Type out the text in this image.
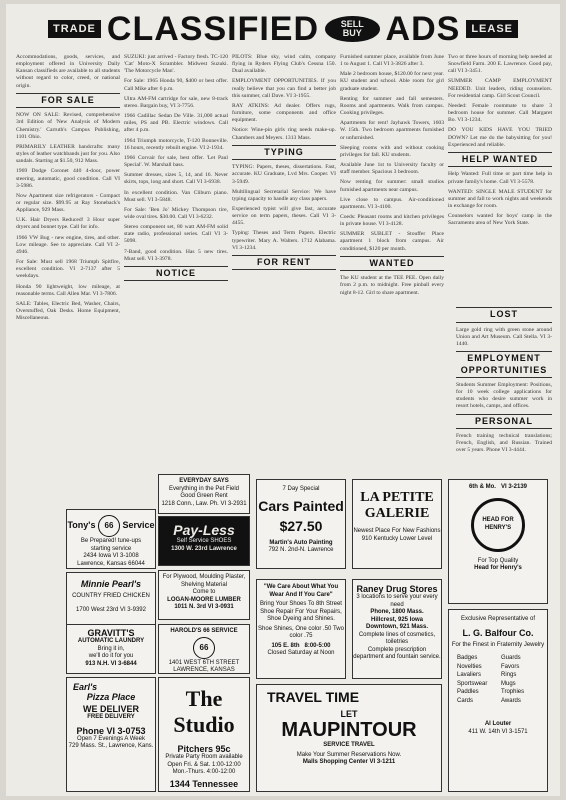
TRADE CLASSIFIED	SELL BUY ADS	LEASE

Accommodations, goods, services, and employment offered in University Daily Kansan classifieds are available to all students without regard to color, creed, or national origin.

FOR SALE

NOW ON SALE: Revised, comprehensive 3rd Edition of 'New Analysis of Modern Chemistry.' Carruth's Campus Publishing, 1101 Ohio.

PRIMARILY LEATHER handcrafts: many styles of leather watchbands just for you. Also sandals. Starting at $1.50, 912 Mass.

1969 Dodge Coronet 440 4-door, power steering, automatic, good condition. Call VI 3-5986.

Now Apartment size refrigerators - Compact or regular size. $99.95 at Ray Stoneback's Appliance, 929 Mass.

U.K. Hair Dryers Reduced! 3 Hour super dryers and bonnet type. Call for info.

1966 VW Bug - new engine, tires, and other. Low mileage. See to appreciate. Call VI 2-4946.

For Sale: Must sell 1968 Triumph Spitfire, excellent condition. VI 2-7137 after 5 weekdays.

Honda 90 lightweight, low mileage, at reasonable terms. Call Allen Mar. VI 3-7806.

SALE: Tables, Electric Bed, Washer, Chairs, Overstuffed, Oak Desks. Home Equipment, Miscellaneous.

SUZUKI: just arrived - Factory fresh. TC-120 'Cat' Moto-X Scrambler. Midwest Suzuki. 'The Motorcycle Man'.

For Sale: 1965 Honda 90, $400 or best offer. Call Mike after 6 p.m.

Ultra AM-FM cartridge for sale, new 8-track stereo. Bargain buy, VI 3-7756.

1966 Cadillac Sedan De Ville. 31,000 actual miles, PS and PB. Electric windows. Call after 4 p.m.

1964 Triumph motorcycle, T-120 Bonneville. 16 hours, recently rebuilt engine. VI 2-1934.

1966 Corvair for sale, best offer. 'Let Paul Special'. W. Marshall bass.

Summer dresses, sizes 5, 14, and 16. Never skirts, tops, long and short. Call VI 3-6938.

In excellent condition. Van Cliburn piano. Must sell. VI 3-5848.

For Sale: 'Ben Jo' Mickey Thompson tire, wide oval tires. $30.00. Call VI 3-6232.

Stereo component set, 80 watt AM-FM solid state radio, professional series. Call VI 3-5098.

7-Band, good condition. Has 5 new tires. Must sell. VI 3-3978.

NOTICE

PILOTS: Blue sky, wind calm, company flying in Ryders Flying Club's Cessna 150. Dual available.

EMPLOYMENT OPPORTUNITIES. If you really believe that you can find a better job this summer, call Dave. VI 3-1955.

RAY ATKINS: Ad dealer. Offers rugs, furniture, some components and office equipment.

Notice: Wine-pin girls ring needs make-up. Chambers and Meyers. 1313 Mass.

TYPING

TYPING: Papers, theses, dissertations. Fast, accurate. KU Graduate, Lvd Mrs. Cooper. VI 3-5949.

Multilingual Secretarial Service: We have typing capacity to handle any class papers.

Experienced typist will give fast, accurate service on term papers, theses. Call VI 3-4455.

Typing: Theses and Term Papers. Electric typewriter. Mary A. Walters. 1712 Alabama. VI 3-1234.

FOR RENT

Furnished summer place, available from June 1 to August 1. Call VI 3-3826 after 3.

Male 2 bedroom house, $120.00 for next year. KU student and school. Able room for girl graduate student.

Renting for summer and fall semesters. Rooms and apartments. Walk from campus. Cooking privileges.

Apartments for rent! Jayhawk Towers, 1603 W. 15th. Two bedroom apartments furnished or unfurnished.

Sleeping rooms with and without cooking privileges for fall. KU students.

Available June 1st to University faculty or staff member. Spacious 3 bedroom.

Now renting for summer: small studios furnished apartments near campus.

Live close to campus. Air-conditioned apartments. VI 3-4100.

Coeds: Pleasant rooms and kitchen privileges in private house. VI 3-4128.

SUMMER SUBLET - Stouffer Place apartment 1 block from campus. Air conditioned, $120 per month.

WANTED

The KU student at the TEE PEE. Open daily from 2 p.m. to midnight. Free pinball every night 8-12. Girl to share apartment.

Two or three hours of morning help needed at Snowfield Farm. 200 E. Lawrence. Good pay, call VI 3-3451.

SUMMER CAMP EMPLOYMENT NEEDED. Unit leaders, riding counselors. For residential camp. Girl Scout Council.

Needed: Female roommate to share 3 bedroom house for summer. Call Margaret Bo. VI 3-1234.

DO YOU KIDS HAVE YOU TRIED DOWN? Let me do the babysitting for you! Experienced and reliable.

HELP WANTED

Help Wanted: Full time or part time help in private family's home. Call VI 3-5578.

WANTED: SINGLE MALE STUDENT for summer and fall to work nights and weekends in exchange for room.

Counselors wanted for boys' camp in the Sacramento area of New York State.

LOST

Large gold ring with green stone around Union and Art Museum. Call Stella. VI 3-1440.

EMPLOYMENT OPPORTUNITIES

Students Summer Employment: Positions, for 10 week college applications for students who desire summer work in resort hotels, camps, and offices.

PERSONAL

French training technical translations; French, English, and Russian. Trained over 5 years. Phone VI 3-4444.

Tony's 66 Service
Be Prepared! tune-ups
starting service
2434 Iowa VI 3-1008
Lawrence, Kansas 66044
Minnie Pearl's
COUNTRY FRIED CHICKEN
1700 West 23rd VI 3-9392
GRAVITT'S
AUTOMATIC LAUNDRY
Bring it in,
we'll do it for you
913 N.H. VI 3-6844
Earl's
Pizza Place
WE DELIVER
FREE DELIVERY
Phone VI 3-0753
Open 7 Evenings A Week
729 Mass. St., Lawrence, Kans.
EVERYDAY SAYS
Everything in the Pet Field
Good Green Rent
1218 Conn., Law. Ph. VI 3-2931
Pay-Less
Self Service SHOES
1300 W. 23rd Lawrence
For Plywood, Moulding Plaster, Shelving Material
Come to
LOGAN-MOORE LUMBER
1011 N. 3rd VI 3-0931
HAROLD'S 66 SERVICE
66
1401 WEST 6TH STREET
LAWRENCE, KANSAS
The Studio
Pitchers 95c
Private Party Room available
Open Fri. & Sat. 1:00-12:00
Mon.-Thurs. 4:00-12:00
1344 Tennessee
7 Day Special
Cars Painted
$27.50
Martin's Auto Painting
792 N. 2nd-N. Lawrence
"We Care About What You Wear And If You Care"
Bring Your Shoes To 8th Street Shoe Repair For Your Repairs, Shoe Dyeing and Shines.
Shoe Shines, One color .50 Two color .75
105 E. 8th 8:00-5:00
Closed Saturday at Noon
LA PETITE GALERIE
Newest Place For New Fashions
910 Kentucky Lower Level
Raney Drug Stores
3 locations to serve your every need
Phone, 1800 Mass.
Hillcrest, 925 Iowa
Downtown, 921 Mass.
Complete lines of cosmetics, toiletries
Complete prescription department and fountain service.
TRAVEL TIME
LET
MAUPINTOUR
SERVICE TRAVEL
Make Your Summer Reservations Now.
Malls Shopping Center VI 3-1211
6th & Mo. VI 3-2139
HEAD FOR HENRY'S
For Top Quality
Head for Henry's
Exclusive Representative of
L. G. Balfour Co.
For the Finest in Fraternity Jewelry
Badges	Guards
Novelties	Favors
Lavaliers	Rings
Sportswear	Mugs
Paddles	Trophies
Cards	Awards
Al Louter
411 W. 14th VI 3-1571
